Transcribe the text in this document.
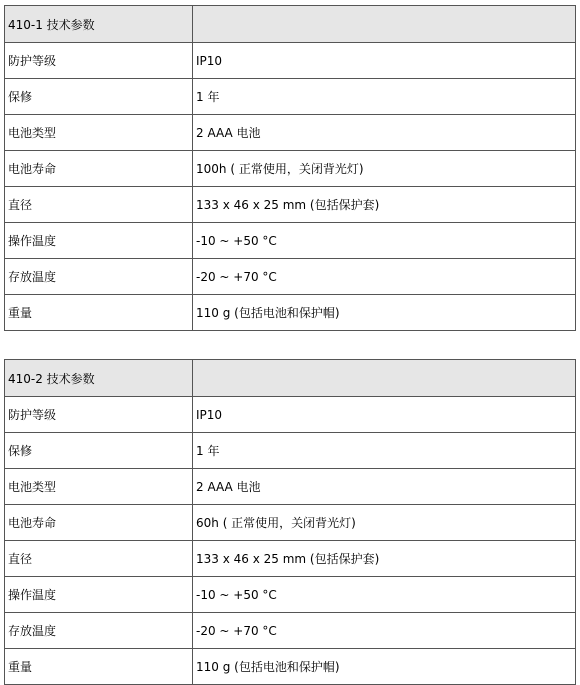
410-1 技术参数	
防护等级	IP10
保修	1 年
电池类型	2 AAA 电池
电池寿命	100h ( 正常使用，关闭背光灯)
直径	133 x 46 x 25 mm (包括保护套)
操作温度	-10 ~ +50 °C
存放温度	-20 ~ +70 °C
重量	110 g (包括电池和保护帽)
410-2 技术参数	
防护等级	IP10
保修	1 年
电池类型	2 AAA 电池
电池寿命	60h ( 正常使用，关闭背光灯)
直径	133 x 46 x 25 mm (包括保护套)
操作温度	-10 ~ +50 °C
存放温度	-20 ~ +70 °C
重量	110 g (包括电池和保护帽)
